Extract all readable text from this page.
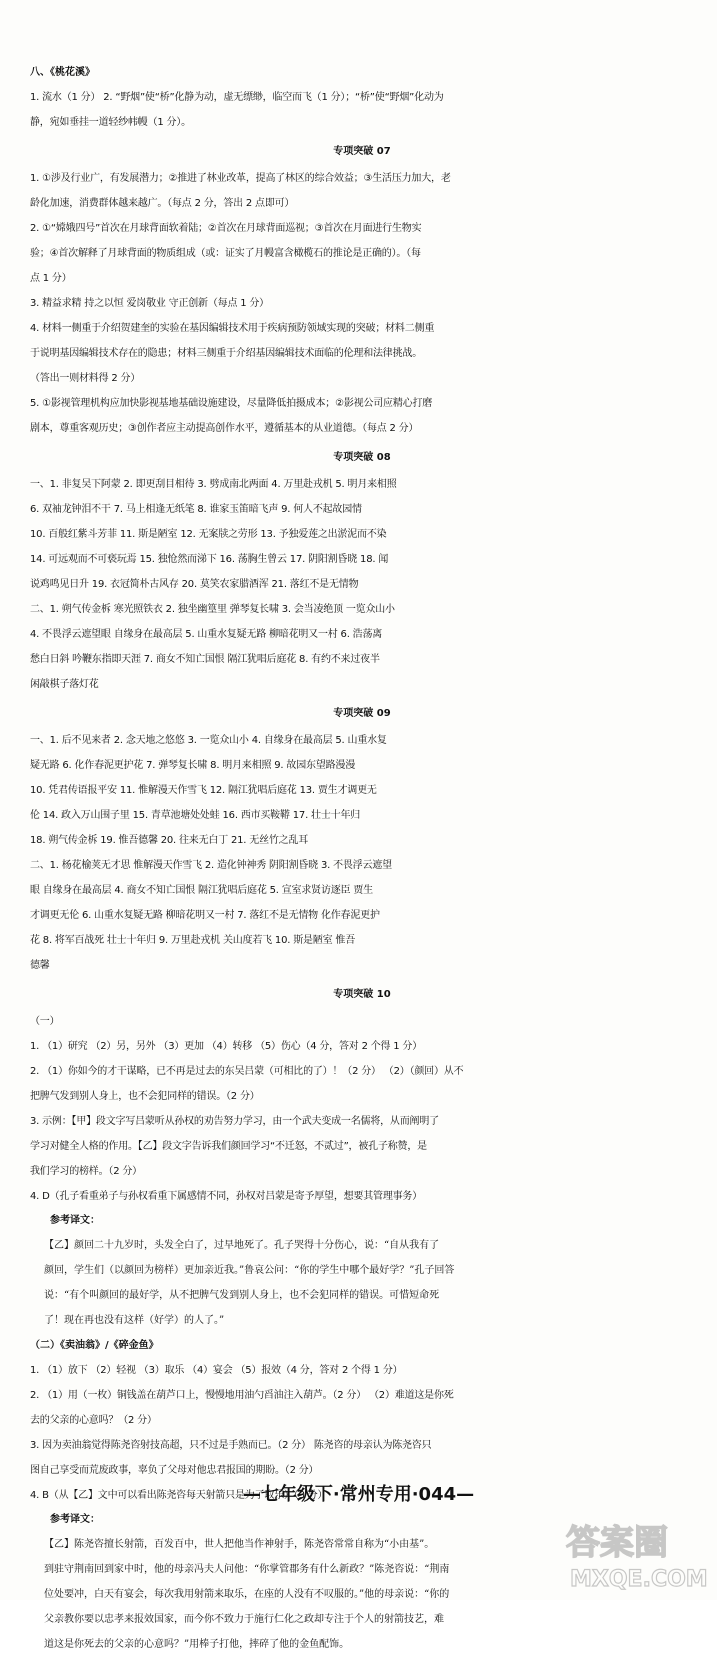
八、《桃花溪》

1. 流水（1 分） 2. “野烟”使“桥”化静为动，虚无缥缈，临空而飞（1 分）；“桥”使“野烟”化动为

静，宛如垂挂一道轻纱帏幔（1 分）。

专项突破 07

1. ①涉及行业广，有发展潜力；②推进了林业改革，提高了林区的综合效益；③生活压力加大，老

龄化加速，消费群体越来越广。（每点 2 分，答出 2 点即可）

2. ①“嫦娥四号”首次在月球背面软着陆；②首次在月球背面巡视；③首次在月面进行生物实

验；④首次解释了月球背面的物质组成（或：证实了月幔富含橄榄石的推论是正确的）。（每

点 1 分）

3. 精益求精 持之以恒 爱岗敬业 守正创新（每点 1 分）

4. 材料一侧重于介绍贺建奎的实验在基因编辑技术用于疾病预防领域实现的突破；材料二侧重

于说明基因编辑技术存在的隐患；材料三侧重于介绍基因编辑技术面临的伦理和法律挑战。

（答出一则材料得 2 分）

5. ①影视管理机构应加快影视基地基础设施建设，尽量降低拍摄成本；②影视公司应精心打磨

剧本，尊重客观历史；③创作者应主动提高创作水平，遵循基本的从业道德。（每点 2 分）

专项突破 08

一、1. 非复吴下阿蒙 2. 即更刮目相待 3. 劈成南北两面 4. 万里赴戎机 5. 明月来相照

6. 双袖龙钟泪不干 7. 马上相逢无纸笔 8. 谁家玉笛暗飞声 9. 何人不起故园情

10. 百般红紫斗芳菲 11. 斯是陋室 12. 无案牍之劳形 13. 予独爱莲之出淤泥而不染

14. 可远观而不可亵玩焉 15. 独怆然而涕下 16. 荡胸生曾云 17. 阴阳割昏晓 18. 闻

说鸡鸣见日升 19. 衣冠简朴古风存 20. 莫笑农家腊酒浑 21. 落红不是无情物

二、1. 朔气传金柝 寒光照铁衣 2. 独坐幽篁里 弹琴复长啸 3. 会当凌绝顶 一览众山小

4. 不畏浮云遮望眼 自缘身在最高层 5. 山重水复疑无路 柳暗花明又一村 6. 浩荡离

愁白日斜 吟鞭东指即天涯 7. 商女不知亡国恨 隔江犹唱后庭花 8. 有约不来过夜半

闲敲棋子落灯花

专项突破 09

一、1. 后不见来者 2. 念天地之悠悠 3. 一览众山小 4. 自缘身在最高层 5. 山重水复

疑无路 6. 化作春泥更护花 7. 弹琴复长啸 8. 明月来相照 9. 故园东望路漫漫

10. 凭君传语报平安 11. 惟解漫天作雪飞 12. 隔江犹唱后庭花 13. 贾生才调更无

伦 14. 政入万山围子里 15. 青草池塘处处蛙 16. 西市买鞍鞯 17. 壮士十年归

18. 朔气传金柝 19. 惟吾德馨 20. 往来无白丁 21. 无丝竹之乱耳

二、1. 杨花榆荚无才思 惟解漫天作雪飞 2. 造化钟神秀 阴阳割昏晓 3. 不畏浮云遮望

眼 自缘身在最高层 4. 商女不知亡国恨 隔江犹唱后庭花 5. 宣室求贤访逐臣 贾生

才调更无伦 6. 山重水复疑无路 柳暗花明又一村 7. 落红不是无情物 化作春泥更护

花 8. 将军百战死 壮士十年归 9. 万里赴戎机 关山度若飞 10. 斯是陋室 惟吾

德馨

专项突破 10

（一）

1. （1）研究 （2）另，另外 （3）更加 （4）转移 （5）伤心（4 分，答对 2 个得 1 分）

2. （1）你如今的才干谋略，已不再是过去的东吴吕蒙（可相比的了）！（2 分） （2）（颜回）从不

把脾气发到别人身上，也不会犯同样的错误。（2 分）

3. 示例：【甲】段文字写吕蒙听从孙权的劝告努力学习，由一个武夫变成一名儒将，从而阐明了

学习对健全人格的作用。【乙】段文字告诉我们颜回学习“不迁怒，不贰过”，被孔子称赞，是

我们学习的榜样。（2 分）

4. D（孔子看重弟子与孙权看重下属感情不同，孙权对吕蒙是寄予厚望，想要其管理事务）

参考译文：

【乙】颜回二十九岁时，头发全白了，过早地死了。孔子哭得十分伤心，说：“自从我有了

颜回，学生们（以颜回为榜样）更加亲近我。”鲁哀公问：“你的学生中哪个最好学？”孔子回答

说：“有个叫颜回的最好学，从不把脾气发到别人身上，也不会犯同样的错误。可惜短命死

了！现在再也没有这样（好学）的人了。”

（二）《卖油翁》/《碎金鱼》

1. （1）放下 （2）轻视 （3）取乐 （4）宴会 （5）报效（4 分，答对 2 个得 1 分）

2. （1）用（一枚）铜钱盖在葫芦口上，慢慢地用油勺舀油注入葫芦。（2 分） （2）难道这是你死

去的父亲的心意吗？（2 分）

3. 因为卖油翁觉得陈尧咨射技高超，只不过是手熟而已。（2 分） 陈尧咨的母亲认为陈尧咨只

图自己享受而荒废政事，辜负了父母对他忠君报国的期盼。（2 分）

4. B（从【乙】文中可以看出陈尧咨每天射箭只是为了取乐）（3 分）

参考译文：

【乙】陈尧咨擅长射箭，百发百中，世人把他当作神射手，陈尧咨常常自称为“小由基”。

到驻守荆南回到家中时，他的母亲冯夫人问他：“你掌管郡务有什么新政？”陈尧咨说：“荆南

位处要冲，白天有宴会，每次我用射箭来取乐，在座的人没有不叹服的。”他的母亲说：“你的

父亲教你要以忠孝来报效国家，而今你不致力于施行仁化之政却专注于个人的射箭技艺，难

道这是你死去的父亲的心意吗？”用棒子打他，摔碎了他的金鱼配饰。

—七年级下·常州专用·044—
答案圈
MXQE.COM
